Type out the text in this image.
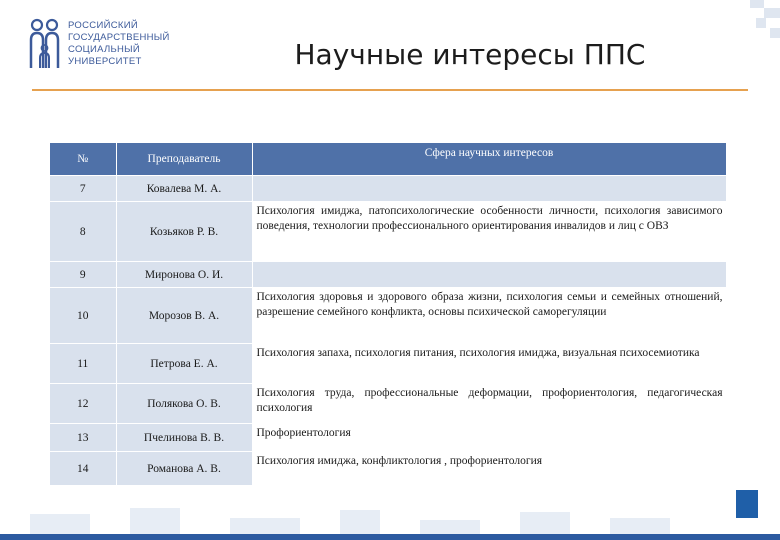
РОССИЙСКИЙ
ГОСУДАРСТВЕННЫЙ
СОЦИАЛЬНЫЙ
УНИВЕРСИТЕТ	Научные интересы ППС
№	Преподаватель	Сфера научных интересов
7	Ковалева М. А.	
8	Козьяков Р. В.	Психология имиджа, патопсихологические особенности личности, психология зависимого поведения, технологии профессионального ориентирования инвалидов и лиц с ОВЗ
9	Миронова О. И.	
10	Морозов В. А.	Психология здоровья и здорового образа жизни, психология семьи и семейных отношений, разрешение семейного конфликта, основы психической саморегуляции
11	Петрова Е. А.	Психология запаха, психология питания, психология имиджа, визуальная психосемиотика
12	Полякова О. В.	Психология труда, профессиональные деформации, профориентология, педагогическая психология
13	Пчелинова В. В.	Профориентология
14	Романова А. В.	Психология имиджа, конфликтология , профориентология
